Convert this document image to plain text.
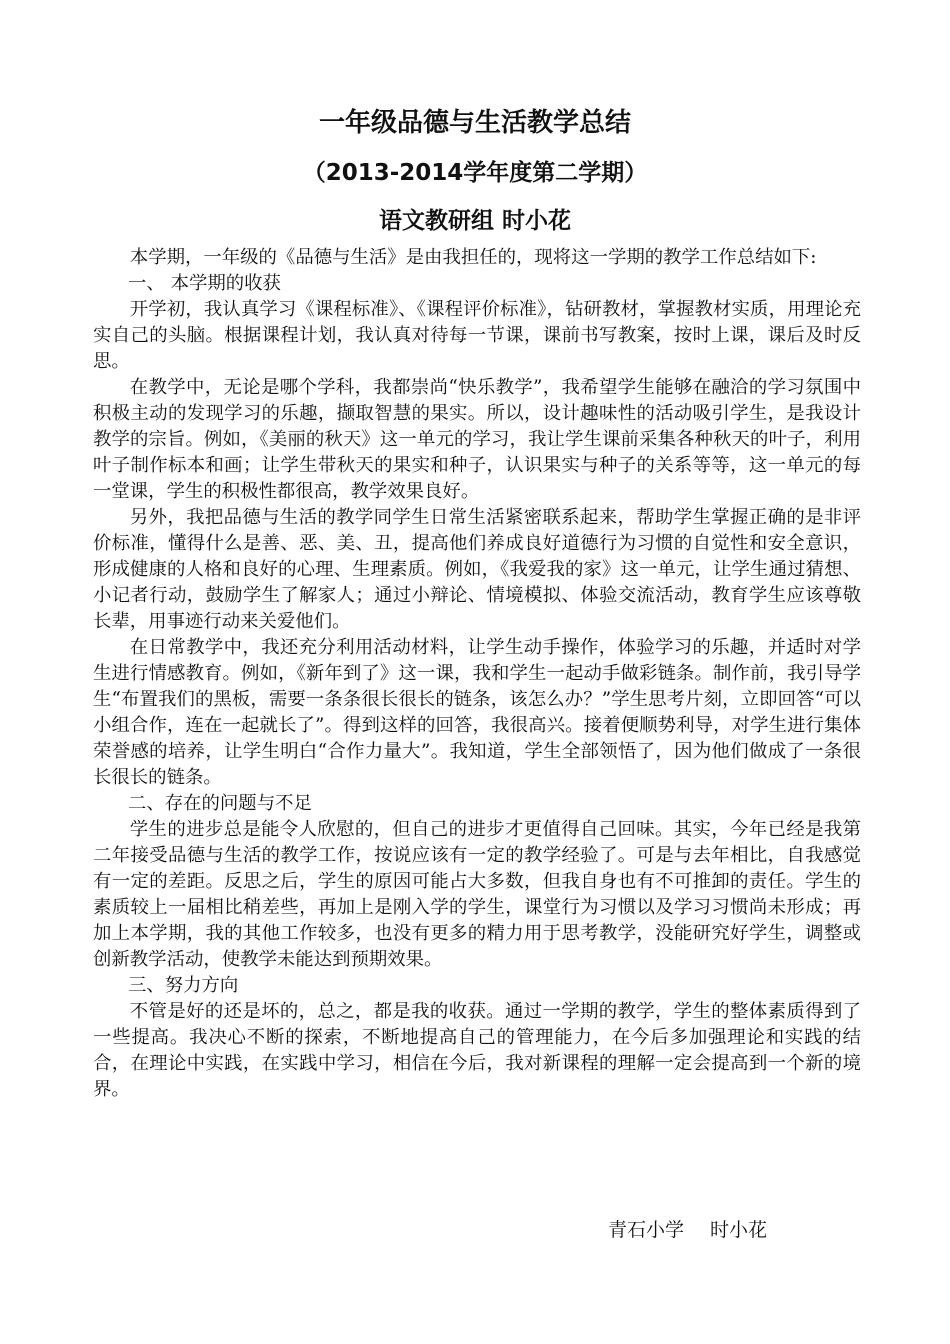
一年级品德与生活教学总结
（2013-2014学年度第二学期）
语文教研组 时小花

本学期，一年级的《品德与生活》是由我担任的，现将这一学期的教学工作总结如下:

一、 本学期的收获

开学初，我认真学习《课程标准》、《课程评价标准》，钻研教材，掌握教材实质，用理论充实自己的头脑。根据课程计划，我认真对待每一节课，课前书写教案，按时上课，课后及时反思。

在教学中，无论是哪个学科，我都崇尚“快乐教学”，我希望学生能够在融洽的学习氛围中积极主动的发现学习的乐趣，撷取智慧的果实。所以，设计趣味性的活动吸引学生，是我设计教学的宗旨。例如，《美丽的秋天》这一单元的学习，我让学生课前采集各种秋天的叶子，利用叶子制作标本和画；让学生带秋天的果实和种子，认识果实与种子的关系等等，这一单元的每一堂课，学生的积极性都很高，教学效果良好。

另外，我把品德与生活的教学同学生日常生活紧密联系起来，帮助学生掌握正确的是非评价标准，懂得什么是善、恶、美、丑，提高他们养成良好道德行为习惯的自觉性和安全意识，形成健康的人格和良好的心理、生理素质。例如，《我爱我的家》这一单元，让学生通过猜想、小记者行动，鼓励学生了解家人；通过小辩论、情境模拟、体验交流活动，教育学生应该尊敬长辈，用事迹行动来关爱他们。

在日常教学中，我还充分利用活动材料，让学生动手操作，体验学习的乐趣，并适时对学生进行情感教育。例如，《新年到了》这一课，我和学生一起动手做彩链条。制作前，我引导学生“布置我们的黑板，需要一条条很长很长的链条，该怎么办？”学生思考片刻，立即回答“可以小组合作，连在一起就长了”。得到这样的回答，我很高兴。接着便顺势利导，对学生进行集体荣誉感的培养，让学生明白“合作力量大”。我知道，学生全部领悟了，因为他们做成了一条很长很长的链条。

二、存在的问题与不足

学生的进步总是能令人欣慰的，但自己的进步才更值得自己回味。其实，今年已经是我第二年接受品德与生活的教学工作，按说应该有一定的教学经验了。可是与去年相比，自我感觉有一定的差距。反思之后，学生的原因可能占大多数，但我自身也有不可推卸的责任。学生的素质较上一届相比稍差些，再加上是刚入学的学生，课堂行为习惯以及学习习惯尚未形成；再加上本学期，我的其他工作较多，也没有更多的精力用于思考教学，没能研究好学生，调整或创新教学活动，使教学未能达到预期效果。

三、努力方向

不管是好的还是坏的，总之，都是我的收获。通过一学期的教学，学生的整体素质得到了一些提高。我决心不断的探索，不断地提高自己的管理能力，在今后多加强理论和实践的结合，在理论中实践，在实践中学习，相信在今后，我对新课程的理解一定会提高到一个新的境界。

青石小学 时小花
